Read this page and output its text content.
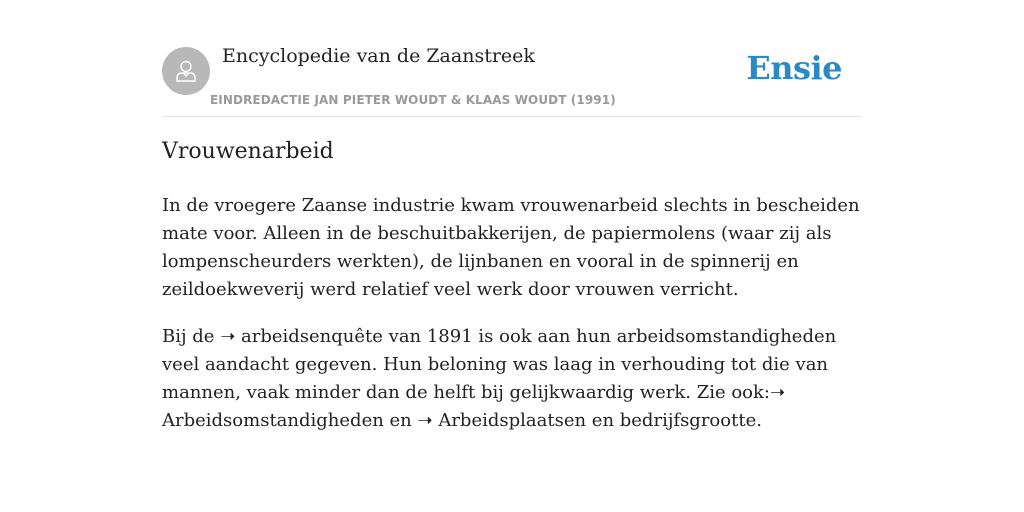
Encyclopedie van de Zaanstreek
EINDREDACTIE JAN PIETER WOUDT & KLAAS WOUDT (1991)
Ensie
Vrouwenarbeid

In de vroegere Zaanse industrie kwam vrouwenarbeid slechts in bescheiden mate voor. Alleen in de beschuitbakkerijen, de papiermolens (waar zij als lompenscheurders werkten), de lijnbanen en vooral in de spinnerij en zeildoekweverij werd relatief veel werk door vrouwen verricht.

Bij de ➝ arbeidsenquête van 1891 is ook aan hun arbeidsomstandigheden veel aandacht gegeven. Hun beloning was laag in verhouding tot die van mannen, vaak minder dan de helft bij gelijkwaardig werk. Zie ook:➝ Arbeidsomstandigheden en ➝ Arbeidsplaatsen en bedrijfsgrootte.
